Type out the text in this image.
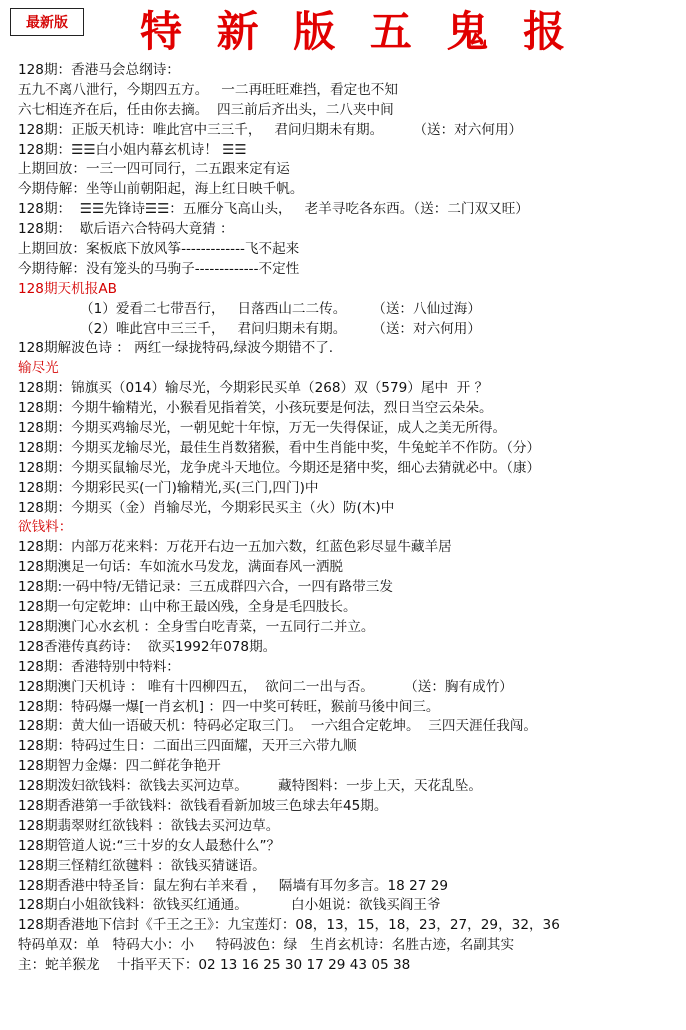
最新版	特 新 版 五 鬼 报
128期：香港马会总纲诗：
五九不离八泄行，今期四五方。   一二再旺旺难挡，看定也不知
六七相连齐在后，任由你去摘。  四三前后齐出头，二八夹中间
128期：正版天机诗：唯此宫中三三千，   君问归期未有期。       （送：对六何用）
128期：☰☰白小姐内幕玄机诗！ ☰☰
上期回放：一三一四可同行，二五跟来定有运
今期侍解：坐等山前朝阳起，海上红日映千帆。
128期：  ☰☰先锋诗☰☰：五雁分飞高山头，   老羊寻吃各东西。（送：二门双又旺）
128期：  歇后语六合特码大竟猜 ：
上期回放：案板底下放风筝-------------飞不起来
今期待解：没有笼头的马驹子-------------不定性
128期天机报AB
（1）爱看二七带吾行，   日落西山二二传。      （送：八仙过海）
（2）唯此宫中三三千，   君问归期未有期。      （送：对六何用）
128期解波色诗 ： 两红一绿拢特码,绿波今期错不了.
输尽光
128期：锦旗买（014）输尽光，今期彩民买单（268）双（579）尾中  开 ？
128期：今期牛输精光，小猴看见指着笑，小孩玩要是何法，烈日当空云朵朵。
128期：今期买鸡输尽光，一朝见蛇十年惊，万无一失得保证，成人之美无所得。
128期：今期买龙输尽光，最佳生肖数猪猴，看中生肖能中奖，牛兔蛇羊不作防。（分）
128期：今期买鼠输尽光，龙争虎斗天地位。今期还是猪中奖，细心去猜就必中。（康）
128期：今期彩民买(一门)输精光,买(三门,四门)中
128期：今期买（金）肖输尽光，今期彩民买主（火）防(木)中
欲钱料：
128期：内部万花来料：万花开右边一五加六数，红蓝色彩尽显牛藏羊居
128期澳足一句话：车如流水马发龙，满面春风一洒脱
128期:一码中特/无错记录：三五成群四六合，一四有路带三发
128期一句定乾坤：山中称王最凶残，全身是毛四肢长。
128期澳门心水玄机 ：全身雪白吃青菜，一五同行二并立。
128香港传真药诗：  欲买1992年078期。
128期：香港特别中特料：
128期澳门天机诗 ： 唯有十四柳四五，  欲问二一出与否。       （送：胸有成竹）
128期：特码爆一爆[一肖玄机] ：四一中奖可转旺，猴前马後中间三。
128期：黄大仙一语破天机：特码必定取三门。  一六组合定乾坤。  三四天涯任我闯。
128期：特码过生日：二面出三四面耀，天开三六带九顺
128期智力金爆：四二鲜花争艳开
128期泼妇欲钱料：欲钱去买河边草。       藏特图料：一步上天，天花乱坠。
128期香港第一手欲钱料：欲钱看看新加坡三色球去年45期。
128期翡翠财红欲钱料 ：欲钱去买河边草。
128期管道人说:“三十岁的女人最愁什么”？
128期三怪精红欲毽料 ：欲钱买猜谜语。
128期香港中特圣旨：鼠左狗右羊来看 ，   隔墙有耳勿多言。18 27 29
128期白小姐欲钱料：欲钱买红通通。          白小姐说：欲钱买阎王爷
128期香港地下信封《千王之王》：九宝莲灯：08，13，15，18，23，27，29，32，36
特码单双：单   特码大小：小     特码波色：绿   生肖玄机诗：名胜古迹，名副其实
主：蛇羊猴龙    十指平天下：02 13 16 25 30 17 29 43 05 38
